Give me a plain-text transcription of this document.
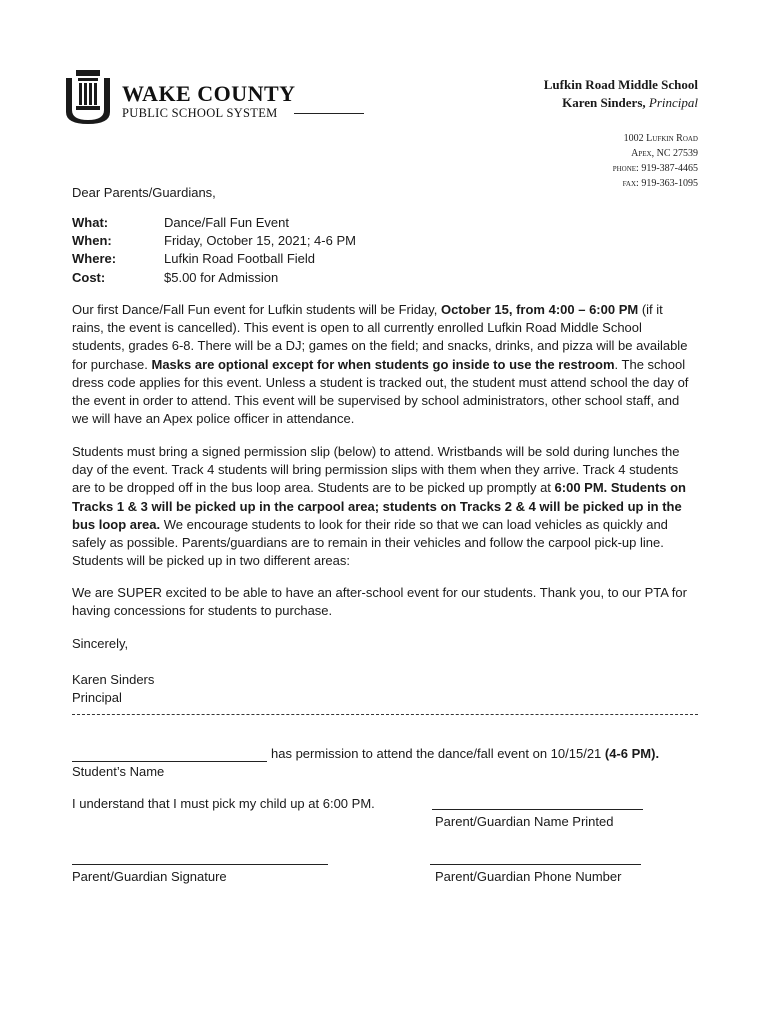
WAKE COUNTY
PUBLIC SCHOOL SYSTEM
Lufkin Road Middle School
Karen Sinders, Principal
1002 Lufkin Road
Apex, NC 27539
phone: 919-387-4465
fax: 919-363-1095
Dear Parents/Guardians,
What:	Dance/Fall Fun Event
When:	Friday, October 15, 2021; 4-6 PM
Where:	Lufkin Road Football Field
Cost:	$5.00 for Admission
Our first Dance/Fall Fun event for Lufkin students will be Friday, October 15, from 4:00 – 6:00 PM (if it rains, the event is cancelled). This event is open to all currently enrolled Lufkin Road Middle School students, grades 6-8. There will be a DJ; games on the field; and snacks, drinks, and pizza will be available for purchase. Masks are optional except for when students go inside to use the restroom. The school dress code applies for this event. Unless a student is tracked out, the student must attend school the day of the event in order to attend. This event will be supervised by school administrators, other school staff, and we will have an Apex police officer in attendance.
Students must bring a signed permission slip (below) to attend. Wristbands will be sold during lunches the day of the event. Track 4 students will bring permission slips with them when they arrive. Track 4 students are to be dropped off in the bus loop area. Students are to be picked up promptly at 6:00 PM. Students on Tracks 1 & 3 will be picked up in the carpool area; students on Tracks 2 & 4 will be picked up in the bus loop area. We encourage students to look for their ride so that we can load vehicles as quickly and safely as possible. Parents/guardians are to remain in their vehicles and follow the carpool pick-up line. Students will be picked up in two different areas:
We are SUPER excited to be able to have an after-school event for our students. Thank you, to our PTA for having concessions for students to purchase.
Sincerely,
Karen Sinders
Principal
has permission to attend the dance/fall event on 10/15/21 (4-6 PM).
Student’s Name
I understand that I must pick my child up at 6:00 PM.
Parent/Guardian Name Printed
Parent/Guardian Signature	Parent/Guardian Phone Number
